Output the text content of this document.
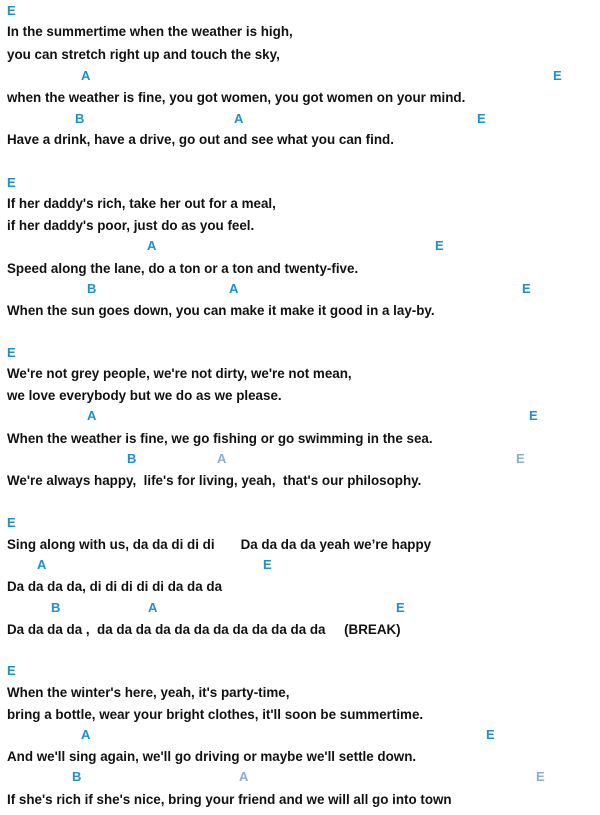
E
In the summertime when the weather is high,
you can stretch right up and touch the sky,
A	E
when the weather is fine, you got women, you got women on your mind.
B	A	E
Have a drink, have a drive, go out and see what you can find.
E
If her daddy's rich, take her out for a meal,
if her daddy's poor, just do as you feel.
A	E
Speed along the lane, do a ton or a ton and twenty-five.
B	A	E
When the sun goes down, you can make it make it good in a lay-by.
E
We're not grey people, we're not dirty, we're not mean,
we love everybody but we do as we please.
A	E
When the weather is fine, we go fishing or go swimming in the sea.
B	A	E
We're always happy,  life's for living, yeah,  that's our philosophy.
E
Sing along with us, da da di di di       Da da da da yeah we’re happy
A	E
Da da da da, di di di di di da da da
B	A	E
Da da da da ,  da da da da da da da da da da da da     (BREAK)
E
When the winter's here, yeah, it's party-time,
bring a bottle, wear your bright clothes, it'll soon be summertime.
A	E
And we'll sing again, we'll go driving or maybe we'll settle down.
B	A	E
If she's rich if she's nice, bring your friend and we will all go into town
